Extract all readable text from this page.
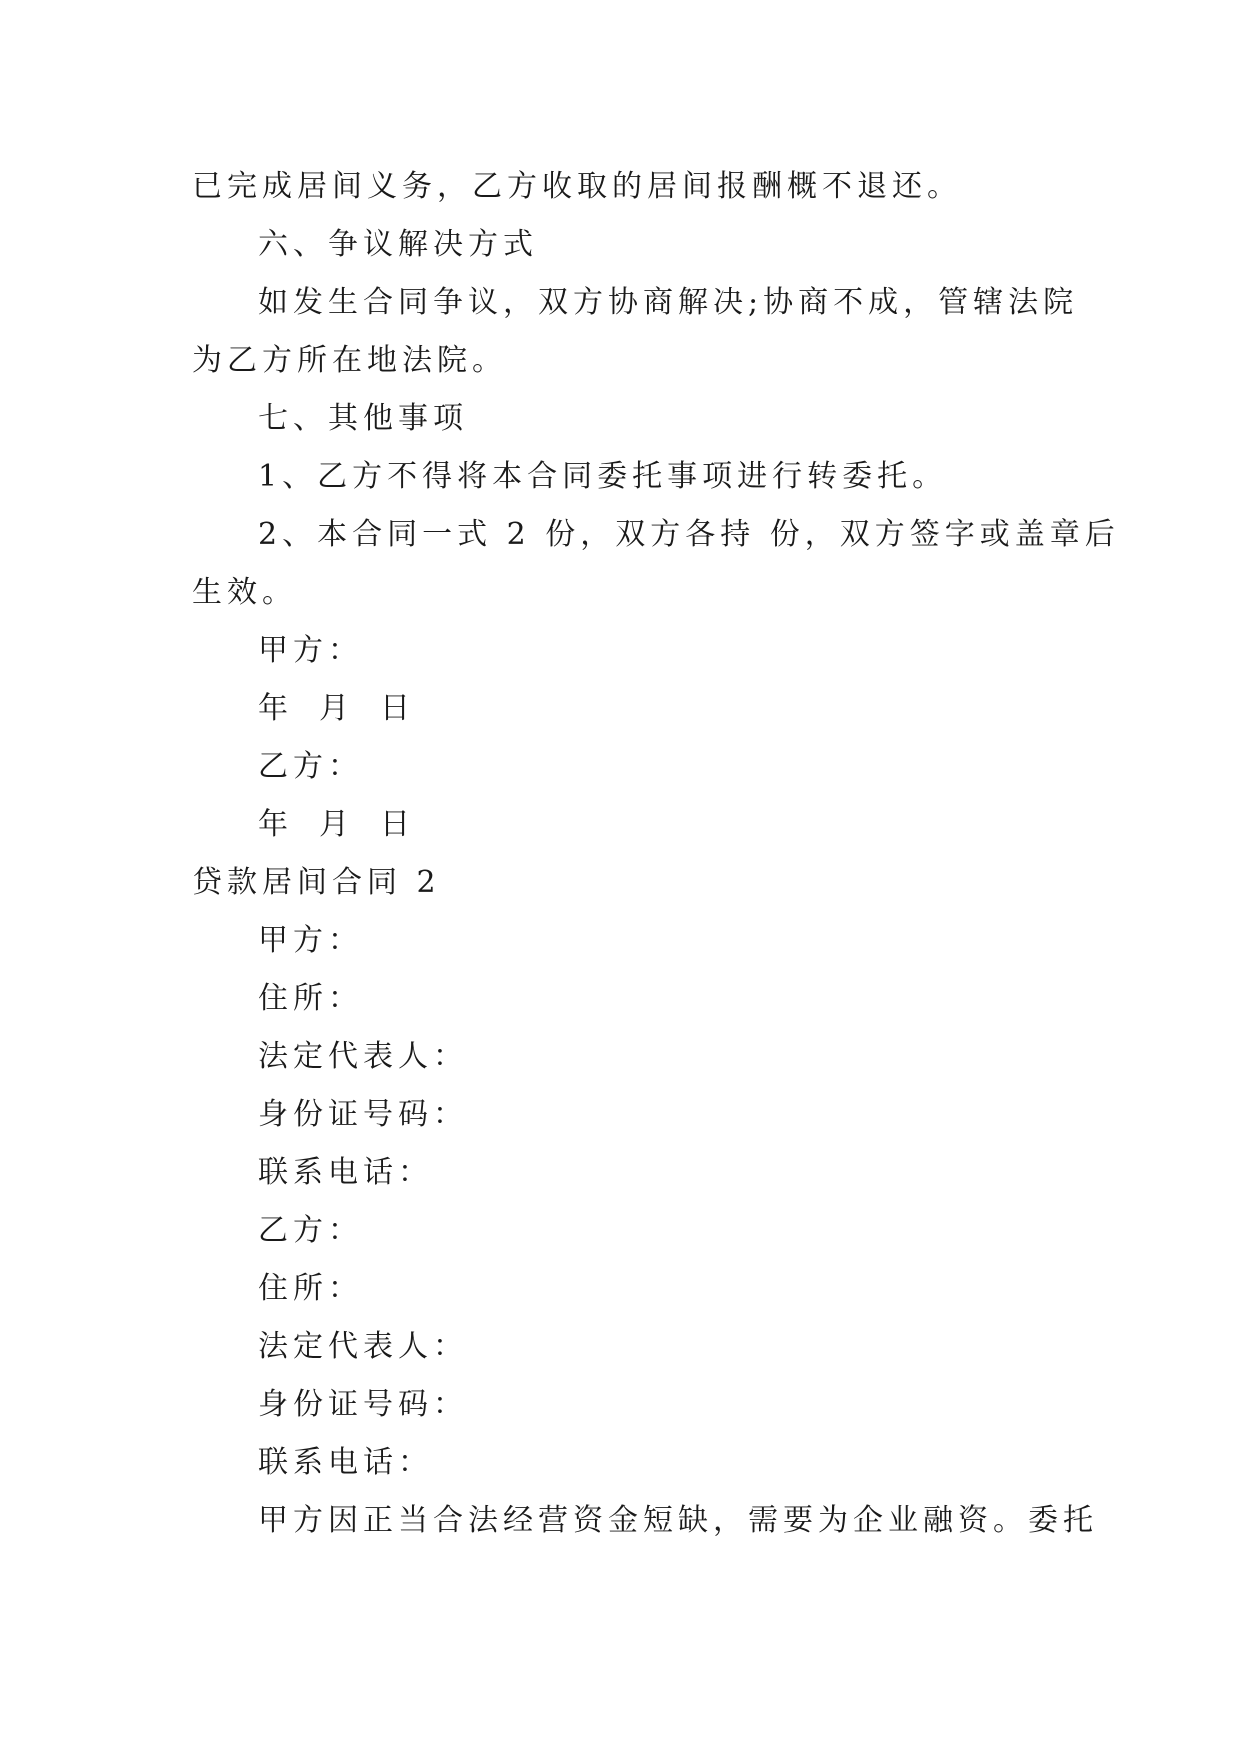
已完成居间义务，乙方收取的居间报酬概不退还。
六、争议解决方式
如发生合同争议，双方协商解决;协商不成，管辖法院
为乙方所在地法院。
七、其他事项
1、乙方不得将本合同委托事项进行转委托。
2、本合同一式 2 份，双方各持 份，双方签字或盖章后
生效。
甲方：
年 月 日
乙方：
年 月 日
贷款居间合同 2
甲方：
住所：
法定代表人：
身份证号码：
联系电话：
乙方：
住所：
法定代表人：
身份证号码：
联系电话：
甲方因正当合法经营资金短缺，需要为企业融资。委托
